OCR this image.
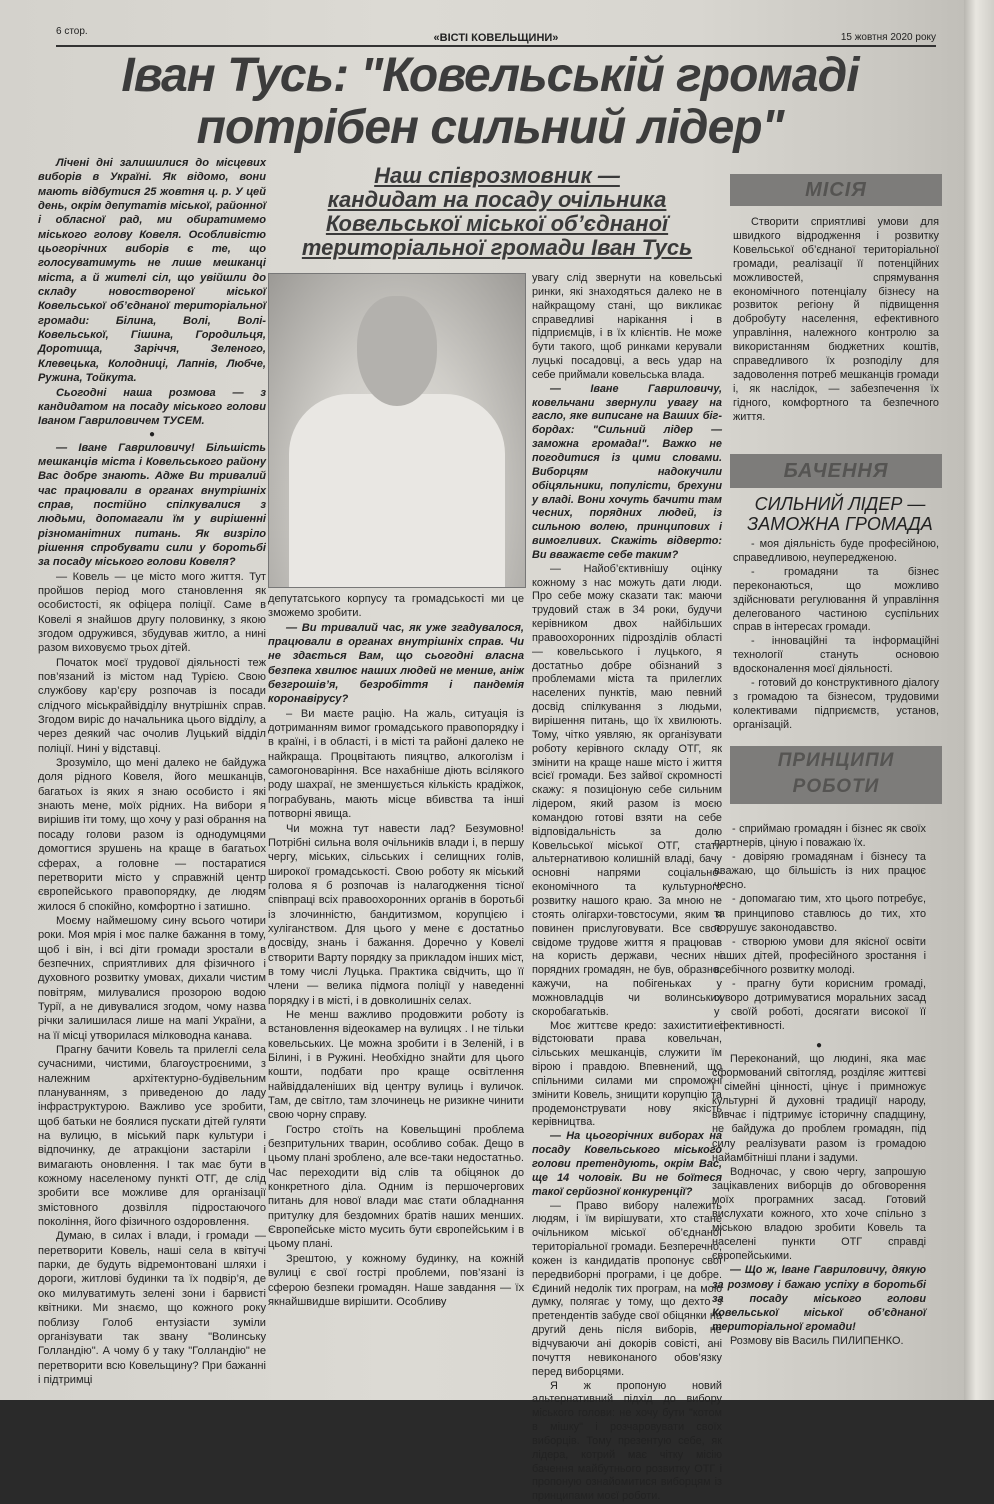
6 стор.
«ВІСТІ КОВЕЛЬЩИНИ»	15 жовтня 2020 року
Іван Тусь: "Ковельській громаді
потрібен сильний лідер"
Наш співрозмовник —
кандидат на посаду очільника
Ковельської міської об’єднаної
територіальної громади Іван Тусь

Лічені дні залишилися до місцевих виборів в Україні. Як відомо, вони мають відбутися 25 жовтня ц. р. У цей день, окрім депутатів міської, районної і обласної рад, ми обиратимемо міського голову Ковеля. Особливістю цьогорічних виборів є те, що голосуватимуть не лише мешканці міста, а й жителі сіл, що увійшли до складу новоствореної міської Ковельської об’єднаної територіальної громади: Білина, Волі, Волі-Ковельської, Гішина, Городильця, Доротища, Заріччя, Зеленого, Клевецька, Колодниці, Лапнів, Любче, Ружина, Тойкута.

Сьогодні наша розмова — з кандидатом на посаду міського голови Іваном Гавриловичем ТУСЕМ.

●

— Іване Гавриловичу! Більшість мешканців міста і Ковельського району Вас добре знають. Адже Ви тривалий час працювали в органах внутрішніх справ, постійно спілкувалися з людьми, допомагали їм у вирішенні різноманітних питань. Як визріло рішення спробувати сили у боротьбі за посаду міського голови Ковеля?

— Ковель — це місто мого життя. Тут пройшов період мого становлення як особистості, як офіцера поліції. Саме в Ковелі я знайшов другу половинку, з якою згодом одружився, збудував житло, а нині разом виховуємо трьох дітей.

Початок моєї трудової діяльності теж пов’язаний із містом над Турією. Свою службову кар’єру розпочав із посади слідчого міськрайвідділу внутрішніх справ. Згодом виріс до начальника цього відділу, а через деякий час очолив Луцький відділ поліції. Нині у відставці.

Зрозуміло, що мені далеко не байдужа доля рідного Ковеля, його мешканців, багатьох із яких я знаю особисто і які знають мене, моїх рідних. На вибори я вирішив іти тому, що хочу у разі обрання на посаду голови разом із однодумцями домогтися зрушень на краще в багатьох сферах, а головне — постаратися перетворити місто у справжній центр європейського правопорядку, де людям жилося б спокійно, комфортно і затишно.

Моєму наймешому сину всього чотири роки. Моя мрія і моє палке бажання в тому, щоб і він, і всі діти громади зростали в безпечних, сприятливих для фізичного і духовного розвитку умовах, дихали чистим повітрям, милувалися прозорою водою Турії, а не дивувалися згодом, чому назва річки залишилася лише на мапі України, а на її місці утворилася мілководна канава.

Прагну бачити Ковель та прилеглі села сучасними, чистими, благоустроєними, з належним архітектурно-будівельним плануванням, з приведеною до ладу інфраструктурою. Важливо усе зробити, щоб батьки не боялися пускати дітей гуляти на вулицю, в міський парк культури і відпочинку, де атракціони застаріли і вимагають оновлення. І так має бути в кожному населеному пункті ОТГ, де слід зробити все можливе для організації змістовного дозвілля підростаючого покоління, його фізичного оздоровлення.

Думаю, в силах і влади, і громади — перетворити Ковель, наші села в квітучі парки, де будуть відремонтовані шляхи і дороги, житлові будинки та їх подвір’я, де око милуватимуть зелені зони і барвисті квітники. Ми знаємо, що кожного року поблизу Голоб ентузіасти зуміли організувати так звану "Волинську Голландію". А чому б у таку "Голландію" не перетворити всю Ковельщину? При бажанні і підтримці

депутатського корпусу та громадськості ми це зможемо зробити.

— Ви тривалий час, як уже згадувалося, працювали в органах внутрішніх справ. Чи не здається Вам, що сьогодні власна безпека хвилює наших людей не менше, аніж безгрошів’я, безробіття і пандемія коронавірусу?

– Ви маєте рацію. На жаль, ситуація із дотриманням вимог громадського правопорядку і в країні, і в області, і в місті та районі далеко не найкраща. Процвітають пияцтво, алкоголізм і самогоноваріння. Все нахабніше діють всілякого роду шахраї, не зменшується кількість крадіжок, пограбувань, мають місце вбивства та інші потворні явища.

Чи можна тут навести лад? Безумовно! Потрібні сильна воля очільників влади і, в першу чергу, міських, сільських і селищних голів, широкої громадськості. Свою роботу як міський голова я б розпочав із налагодження тісної співпраці всіх правоохоронних органів в боротьбі із злочинністю, бандитизмом, корупцією і хуліганством. Для цього у мене є достатньо досвіду, знань і бажання. Доречно у Ковелі створити Варту порядку за прикладом інших міст, в тому числі Луцька. Практика свідчить, що її члени — велика підмога поліції у наведенні порядку і в місті, і в довколишніх селах.

Не менш важливо продовжити роботу із встановлення відеокамер на вулицях . І не тільки ковельських. Це можна зробити і в Зеленій, і в Білині, і в Ружині. Необхідно знайти для цього кошти, подбати про краще освітлення найвіддаленіших від центру вулиць і вуличок. Там, де світло, там злочинець не ризикне чинити свою чорну справу.

Гостро стоїть на Ковельщині проблема безпритульних тварин, особливо собак. Дещо в цьому плані зроблено, але все-таки недостатньо. Час переходити від слів та обіцянок до конкретного діла. Одним із першочергових питань для нової влади має стати обладнання притулку для бездомних братів наших менших. Європейське місто мусить бути європейським і в цьому плані.

Зрештою, у кожному будинку, на кожній вулиці є свої гострі проблеми, пов’язані із сферою безпеки громадян. Наше завдання — їх якнайшвидше вирішити. Особливу

увагу слід звернути на ковельські ринки, які знаходяться далеко не в найкращому стані, що викликає справедливі нарікання і в підприємців, і в їх клієнтів. Не може бути такого, щоб ринками керували луцькі посадовці, а весь удар на себе приймали ковельська влада.

— Іване Гавриловичу, ковельчани звернули увагу на гасло, яке виписане на Ваших біг-бордах: "Сильний лідер — заможна громада!". Важко не погодитися із цими словами. Виборцям надокучили обіцяльники, популісти, брехуни у владі. Вони хочуть бачити там чесних, порядних людей, із сильною волею, принципових і вимогливих. Скажіть відверто: Ви вважаєте себе таким?

— Найоб’єктивнішу оцінку кожному з нас можуть дати люди. Про себе можу сказати так: маючи трудовий стаж в 34 роки, будучи керівником двох найбільших правоохоронних підрозділів області — ковельського і луцького, я достатньо добре обізнаний з проблемами міста та прилеглих населених пунктів, маю певний досвід спілкування з людьми, вирішення питань, що їх хвилюють. Тому, чітко уявляю, як організувати роботу керівного складу ОТГ, як змінити на краще наше місто і життя всієї громади. Без зайвої скромності скажу: я позиціоную себе сильним лідером, який разом із моєю командою готові взяти на себе відповідальність за долю Ковельської міської ОТГ, стати альтернативою колишній владі, бачу основні напрями соціально-економічного та культурного розвитку нашого краю. За мною не стоять олігархи-товстосуми, яким я повинен прислуговувати. Все своє свідоме трудове життя я працював на користь держави, чесних і порядних громадян, не був, образно, кажучи, на побігеньках у можновладців чи волинських скоробагатьків.

Моє життєве кредо: захистити і відстоювати права ковельчан, сільських мешканців, служити їм вірою і правдою. Впевнений, що спільними силами ми спроможні змінити Ковель, знищити корупцію та продемонструвати нову якість керівництва.

— На цьогорічних виборах на посаду Ковельського міського голови претендують, окрім Вас, ще 14 чоловік. Ви не боїтеся такої серйозної конкуренції?

— Право вибору належить людям, і їм вирішувати, хто стане очільником міської об’єднаної територіальної громади. Безперечно, кожен із кандидатів пропонує свої передвиборні програми, і це добре. Єдиний недолік тих програм, на мою думку, полягає у тому, що дехто з претендентів забуде свої обіцянки на другий день після виборів, не відчуваючи ані докорів совісті, ані почуття невиконаного обов’язку перед виборцями.

Я ж пропоную новий альтернативний підхід до вибору міського голови: не хочу бути "котом в мішку" і розчаровувати своїх виборців. Тому презентую себе, як лідера, котрий має чітку місію бачення майбутнього розвитку ОТГ і пропоную ознайомитися виборцям із принципами моєї роботи.

МІСІЯ

Створити сприятливі умови для швидкого відродження і розвитку Ковельської об’єднаної територіальної громади, реалізації її потенційних можливостей, спрямування економічного потенціалу бізнесу на розвиток регіону й підвищення добробуту населення, ефективного управління, належного контролю за використанням бюджетних коштів, справедливого їх розподілу для задоволення потреб мешканців громади і, як наслідок, — забезпечення їх гідного, комфортного та безпечного життя.

БАЧЕННЯ
СИЛЬНИЙ ЛІДЕР —
ЗАМОЖНА ГРОМАДА

- моя діяльність буде професійною, справедливою, неупередженою.

- громадяни та бізнес переконаються, що можливо здійснювати регулювання й управління делегованого частиною суспільних справ в інтересах громади.

- інноваційні та інформаційні технології стануть основою вдосконалення моєї діяльності.

- готовий до конструктивного діалогу з громадою та бізнесом, трудовими колективами підприємств, установ, організацій.

ПРИНЦИПИ
РОБОТИ

- сприймаю громадян і бізнес як своїх партнерів, ціную і поважаю їх.

- довіряю громадянам і бізнесу та вважаю, що більшість із них працює чесно.

- допомагаю тим, хто цього потребує, та принципово ставлюсь до тих, хто порушує законодавство.

- створюю умови для якісної освіти наших дітей, професійного зростання і всебічного розвитку молоді.

- прагну бути корисним громаді, суворо дотримуватися моральних засад у своїй роботі, досягати високої її ефективності.

●

Переконаний, що людині, яка має сформований світогляд, розділяє життєві і сімейні цінності, цінує і примножує культурні й духовні традиції народу, вивчає і підтримує історичну спадщину, не байдужа до проблем громадян, під силу реалізувати разом із громадою найамбітніші плани і задуми.

Водночас, у свою чергу, запрошую зацікавлених виборців до обговорення моїх програмних засад. Готовий вислухати кожного, хто хоче спільно з міською владою зробити Ковель та населені пункти ОТГ справді європейськими.

— Що ж, Іване Гавриловичу, дякую за розмову і бажаю успіху в боротьбі за посаду міського голови Ковельської міської об’єднаної територіальної громади!

Розмову вів Василь ПИЛИПЕНКО.
